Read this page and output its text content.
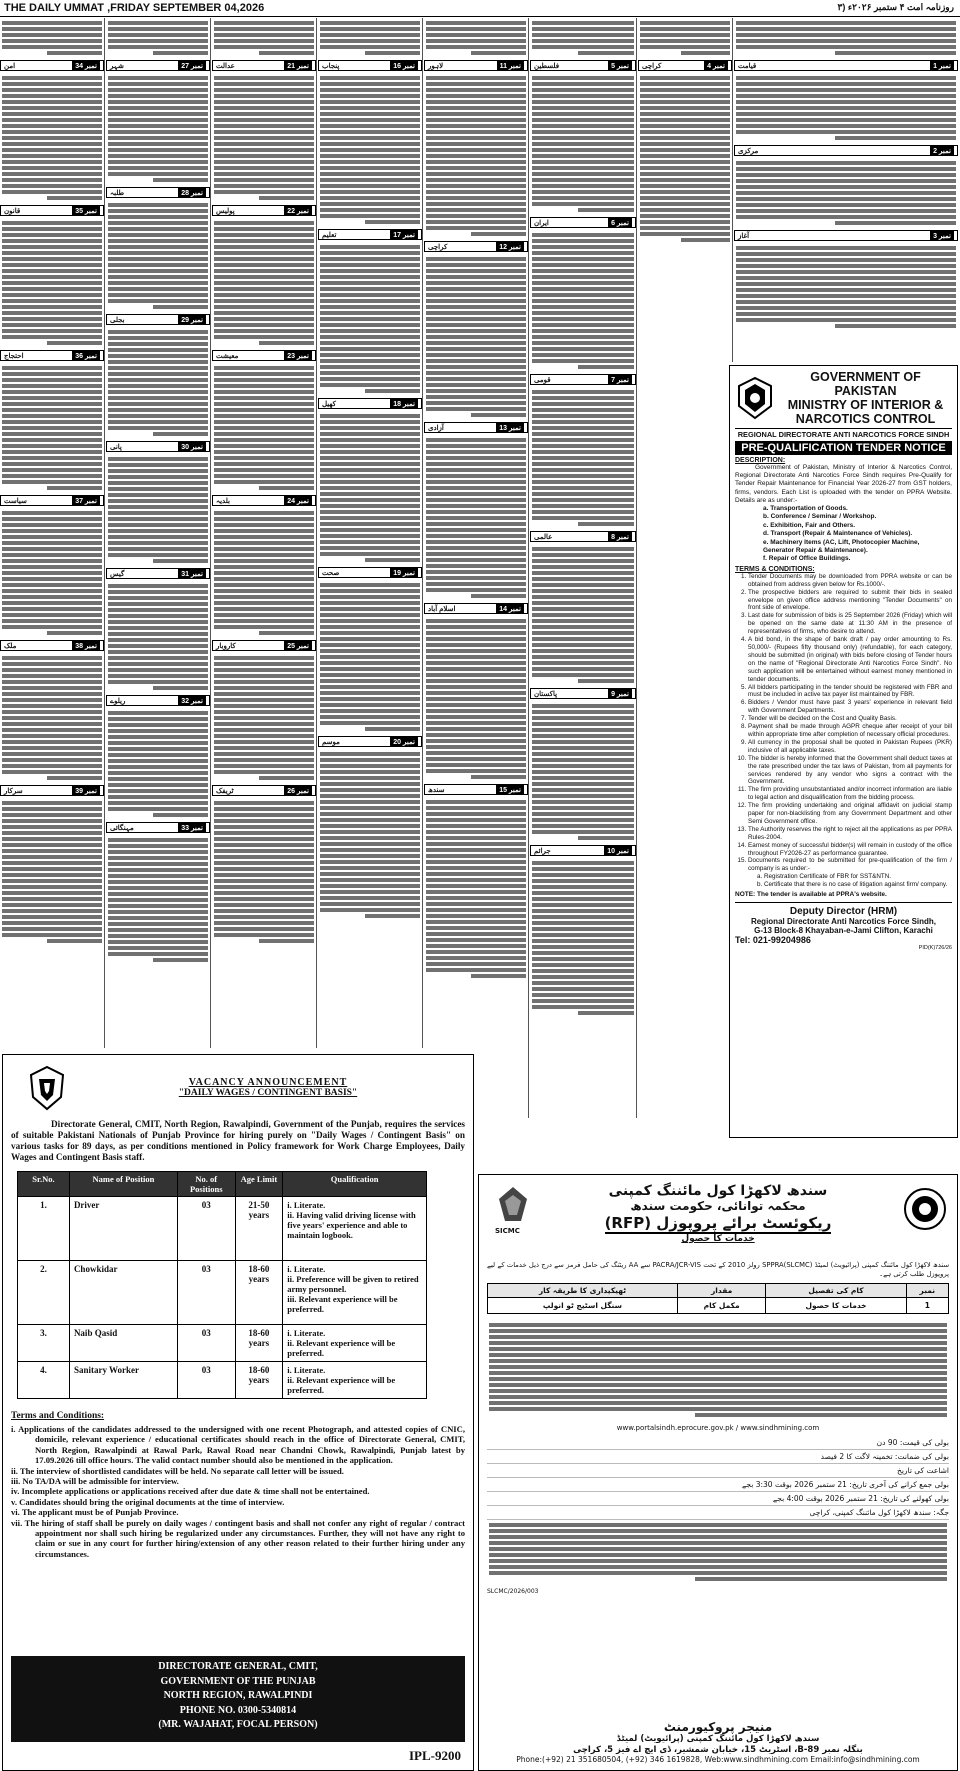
THE DAILY UMMAT ,FRIDAY SEPTEMBER 04,2026	روزنامہ امت ۴ ستمبر ۲۰۲۶ء (۳
نمبر 34
امن
نمبر 35
قانون
نمبر 36
احتجاج
نمبر 37
سیاست
نمبر 38
ملک
نمبر 39
سرکار
نمبر 27
شہر
نمبر 28
طلبہ
نمبر 29
بجلی
نمبر 30
پانی
نمبر 31
گیس
نمبر 32
ریلوے
نمبر 33
مہنگائی
نمبر 21
عدالت
نمبر 22
پولیس
نمبر 23
معیشت
نمبر 24
بلدیہ
نمبر 25
کاروبار
نمبر 26
ٹریفک
نمبر 16
پنجاب
نمبر 17
تعلیم
نمبر 18
کھیل
نمبر 19
صحت
نمبر 20
موسم
نمبر 11
لاہور
نمبر 12
کراچی
نمبر 13
آزادی
نمبر 14
اسلام آباد
نمبر 15
سندھ
نمبر 5
فلسطین
نمبر 6
ایران
نمبر 7
قومی
نمبر 8
عالمی
نمبر 9
پاکستان
نمبر 10
جرائم
نمبر 4
کراچی	نمبر 1
قیامت
نمبر 2
مرکزی
نمبر 3
آغاز
GOVERNMENT OF PAKISTAN
MINISTRY OF INTERIOR &
NARCOTICS CONTROL
REGIONAL DIRECTORATE ANTI NARCOTICS FORCE SINDH
PRE-QUALIFICATION TENDER NOTICE
DESCRIPTION:
Government of Pakistan, Ministry of Interior & Narcotics Control, Regional Directorate Anti Narcotics Force Sindh requires Pre-Qualify for Tender Repair Maintenance for Financial Year 2026-27 from GST holders, firms, vendors. Each List is uploaded with the tender on PPRA Website. Details are as under:-
a. Transportation of Goods.
b. Conference / Seminar / Workshop.
c. Exhibition, Fair and Others.
d. Transport (Repair & Maintenance of Vehicles).
e. Machinery Items (AC, Lift, Photocopier Machine, Generator Repair & Maintenance).
f. Repair of Office Buildings.
TERMS & CONDITIONS:
1. Tender Documents may be downloaded from PPRA website or can be obtained from address given below for Rs.1000/-.
2. The prospective bidders are required to submit their bids in sealed envelope on given office address mentioning "Tender Documents" on front side of envelope.
3. Last date for submission of bids is 25 September 2026 (Friday) which will be opened on the same date at 11:30 AM in the presence of representatives of firms, who desire to attend.
4. A bid bond, in the shape of bank draft / pay order amounting to Rs. 50,000/- (Rupees fifty thousand only) (refundable), for each category, should be submitted (in original) with bids before closing of Tender hours on the name of "Regional Directorate Anti Narcotics Force Sindh". No such application will be entertained without earnest money mentioned in tender documents.
5. All bidders participating in the tender should be registered with FBR and must be included in active tax payer list maintained by FBR.
6. Bidders / Vendor must have past 3 years' experience in relevant field with Government Departments.
7. Tender will be decided on the Cost and Quality Basis.
8. Payment shall be made through AGPR cheque after receipt of your bill within appropriate time after completion of necessary official procedures.
9. All currency in the proposal shall be quoted in Pakistan Rupees (PKR) inclusive of all applicable taxes.
10. The bidder is hereby informed that the Government shall deduct taxes at the rate prescribed under the tax laws of Pakistan, from all payments for services rendered by any vendor who signs a contract with the Government.
11. The firm providing unsubstantiated and/or incorrect information are liable to legal action and disqualification from the bidding process.
12. The firm providing undertaking and original affidavit on judicial stamp paper for non-blacklisting from any Government Department and other Semi Government office.
13. The Authority reserves the right to reject all the applications as per PPRA Rules-2004.
14. Earnest money of successful bidder(s) will remain in custody of the office throughout FY2026-27 as performance guarantee.
15. Documents required to be submitted for pre-qualification of the firm / company is as under:-
a. Registration Certificate of FBR for SST&NTN.
b. Certificate that there is no case of litigation against firm/ company.
NOTE: The tender is available at PPRA's website.
Deputy Director (HRM)
Regional Directorate Anti Narcotics Force Sindh,
G-13 Block-8 Khayaban-e-Jami Clifton, Karachi
Tel: 021-99204986
PID(K)726/26
VACANCY ANNOUNCEMENT
"DAILY WAGES / CONTINGENT BASIS"
Directorate General, CMIT, North Region, Rawalpindi, Government of the Punjab, requires the services of suitable Pakistani Nationals of Punjab Province for hiring purely on "Daily Wages / Contingent Basis" on various tasks for 89 days, as per conditions mentioned in Policy framework for Work Charge Employees, Daily Wages and Contingent Basis staff.
Sr.No.	Name of Position	No. of Positions	Age Limit	Qualification
1.	Driver	03	21-50 years	i. Literate.
ii. Having valid driving license with five years' experience and able to maintain logbook.

2.	Chowkidar	03	18-60 years	i. Literate.
ii. Preference will be given to retired army personnel.
iii. Relevant experience will be preferred.

3.	Naib Qasid	03	18-60 years	i. Literate.
ii. Relevant experience will be preferred.

4.	Sanitary Worker	03	18-60 years	i. Literate.
ii. Relevant experience will be preferred.
Terms and Conditions:
i. Applications of the candidates addressed to the undersigned with one recent Photograph, and attested copies of CNIC, domicile, relevant experience / educational certificates should reach in the office of Directorate General, CMIT, North Region, Rawalpindi at Rawal Park, Rawal Road near Chandni Chowk, Rawalpindi, Punjab latest by 17.09.2026 till office hours. The valid contact number should also be mentioned in the application.
ii. The interview of shortlisted candidates will be held. No separate call letter will be issued.
iii. No TA/DA will be admissible for interview.
iv. Incomplete applications or applications received after due date & time shall not be entertained.
v. Candidates should bring the original documents at the time of interview.
vi. The applicant must be of Punjab Province.
vii. The hiring of staff shall be purely on daily wages / contingent basis and shall not confer any right of regular / contract appointment nor shall such hiring be regularized under any circumstances. Further, they will not have any right to claim or sue in any court for further hiring/extension of any other reason related to their further hiring under any circumstances.
DIRECTORATE GENERAL, CMIT,
GOVERNMENT OF THE PUNJAB
NORTH REGION, RAWALPINDI
PHONE NO. 0300-5340814
(MR. WAJAHAT, FOCAL PERSON)
IPL-9200
SICMC
سندھ لاکھڑا کول مائننگ کمپنی
محکمہ توانائی، حکومت سندھ
ریکوئسٹ برائے پروپوزل (RFP)
خدمات کا حصول
سندھ لاکھڑا کول مائننگ کمپنی (پرائیویٹ) لمیٹڈ SPPRA(SLCMC) رولز 2010 کے تحت PACRA/JCR-VIS سے AA ریٹنگ کی حامل فرمز سے درج ذیل خدمات کے لیے پروپوزل طلب کرتی ہے۔
نمبر	کام کی تفصیل	مقدار	ٹھیکیداری کا طریقہ کار
1	خدمات کا حصول	مکمل کام	سنگل اسٹیج ٹو انولپ
www.portalsindh.eprocure.gov.pk / www.sindhmining.com
بولی کی قیمت: 90 دن
بولی کی ضمانت: تخمینہ لاگت کا 2 فیصد
اشاعت کی تاریخ
بولی جمع کرانے کی آخری تاریخ: 21 ستمبر 2026 بوقت 3:30 بجے
بولی کھولنے کی تاریخ: 21 ستمبر 2026 بوقت 4:00 بجے
جگہ: سندھ لاکھڑا کول مائننگ کمپنی، کراچی
SLCMC/2026/003
منیجر پروکیورمنٹ
سندھ لاکھڑا کول مائننگ کمپنی (پرائیویٹ) لمیٹڈ
بنگلہ نمبر B-89، اسٹریٹ 15، خیابان شمشیر، ڈی ایچ اے فیز 5، کراچی
Phone:(+92) 21 351680504, (+92) 346 1619828, Web:www.sindhmining.com Email:info@sindhmining.com
